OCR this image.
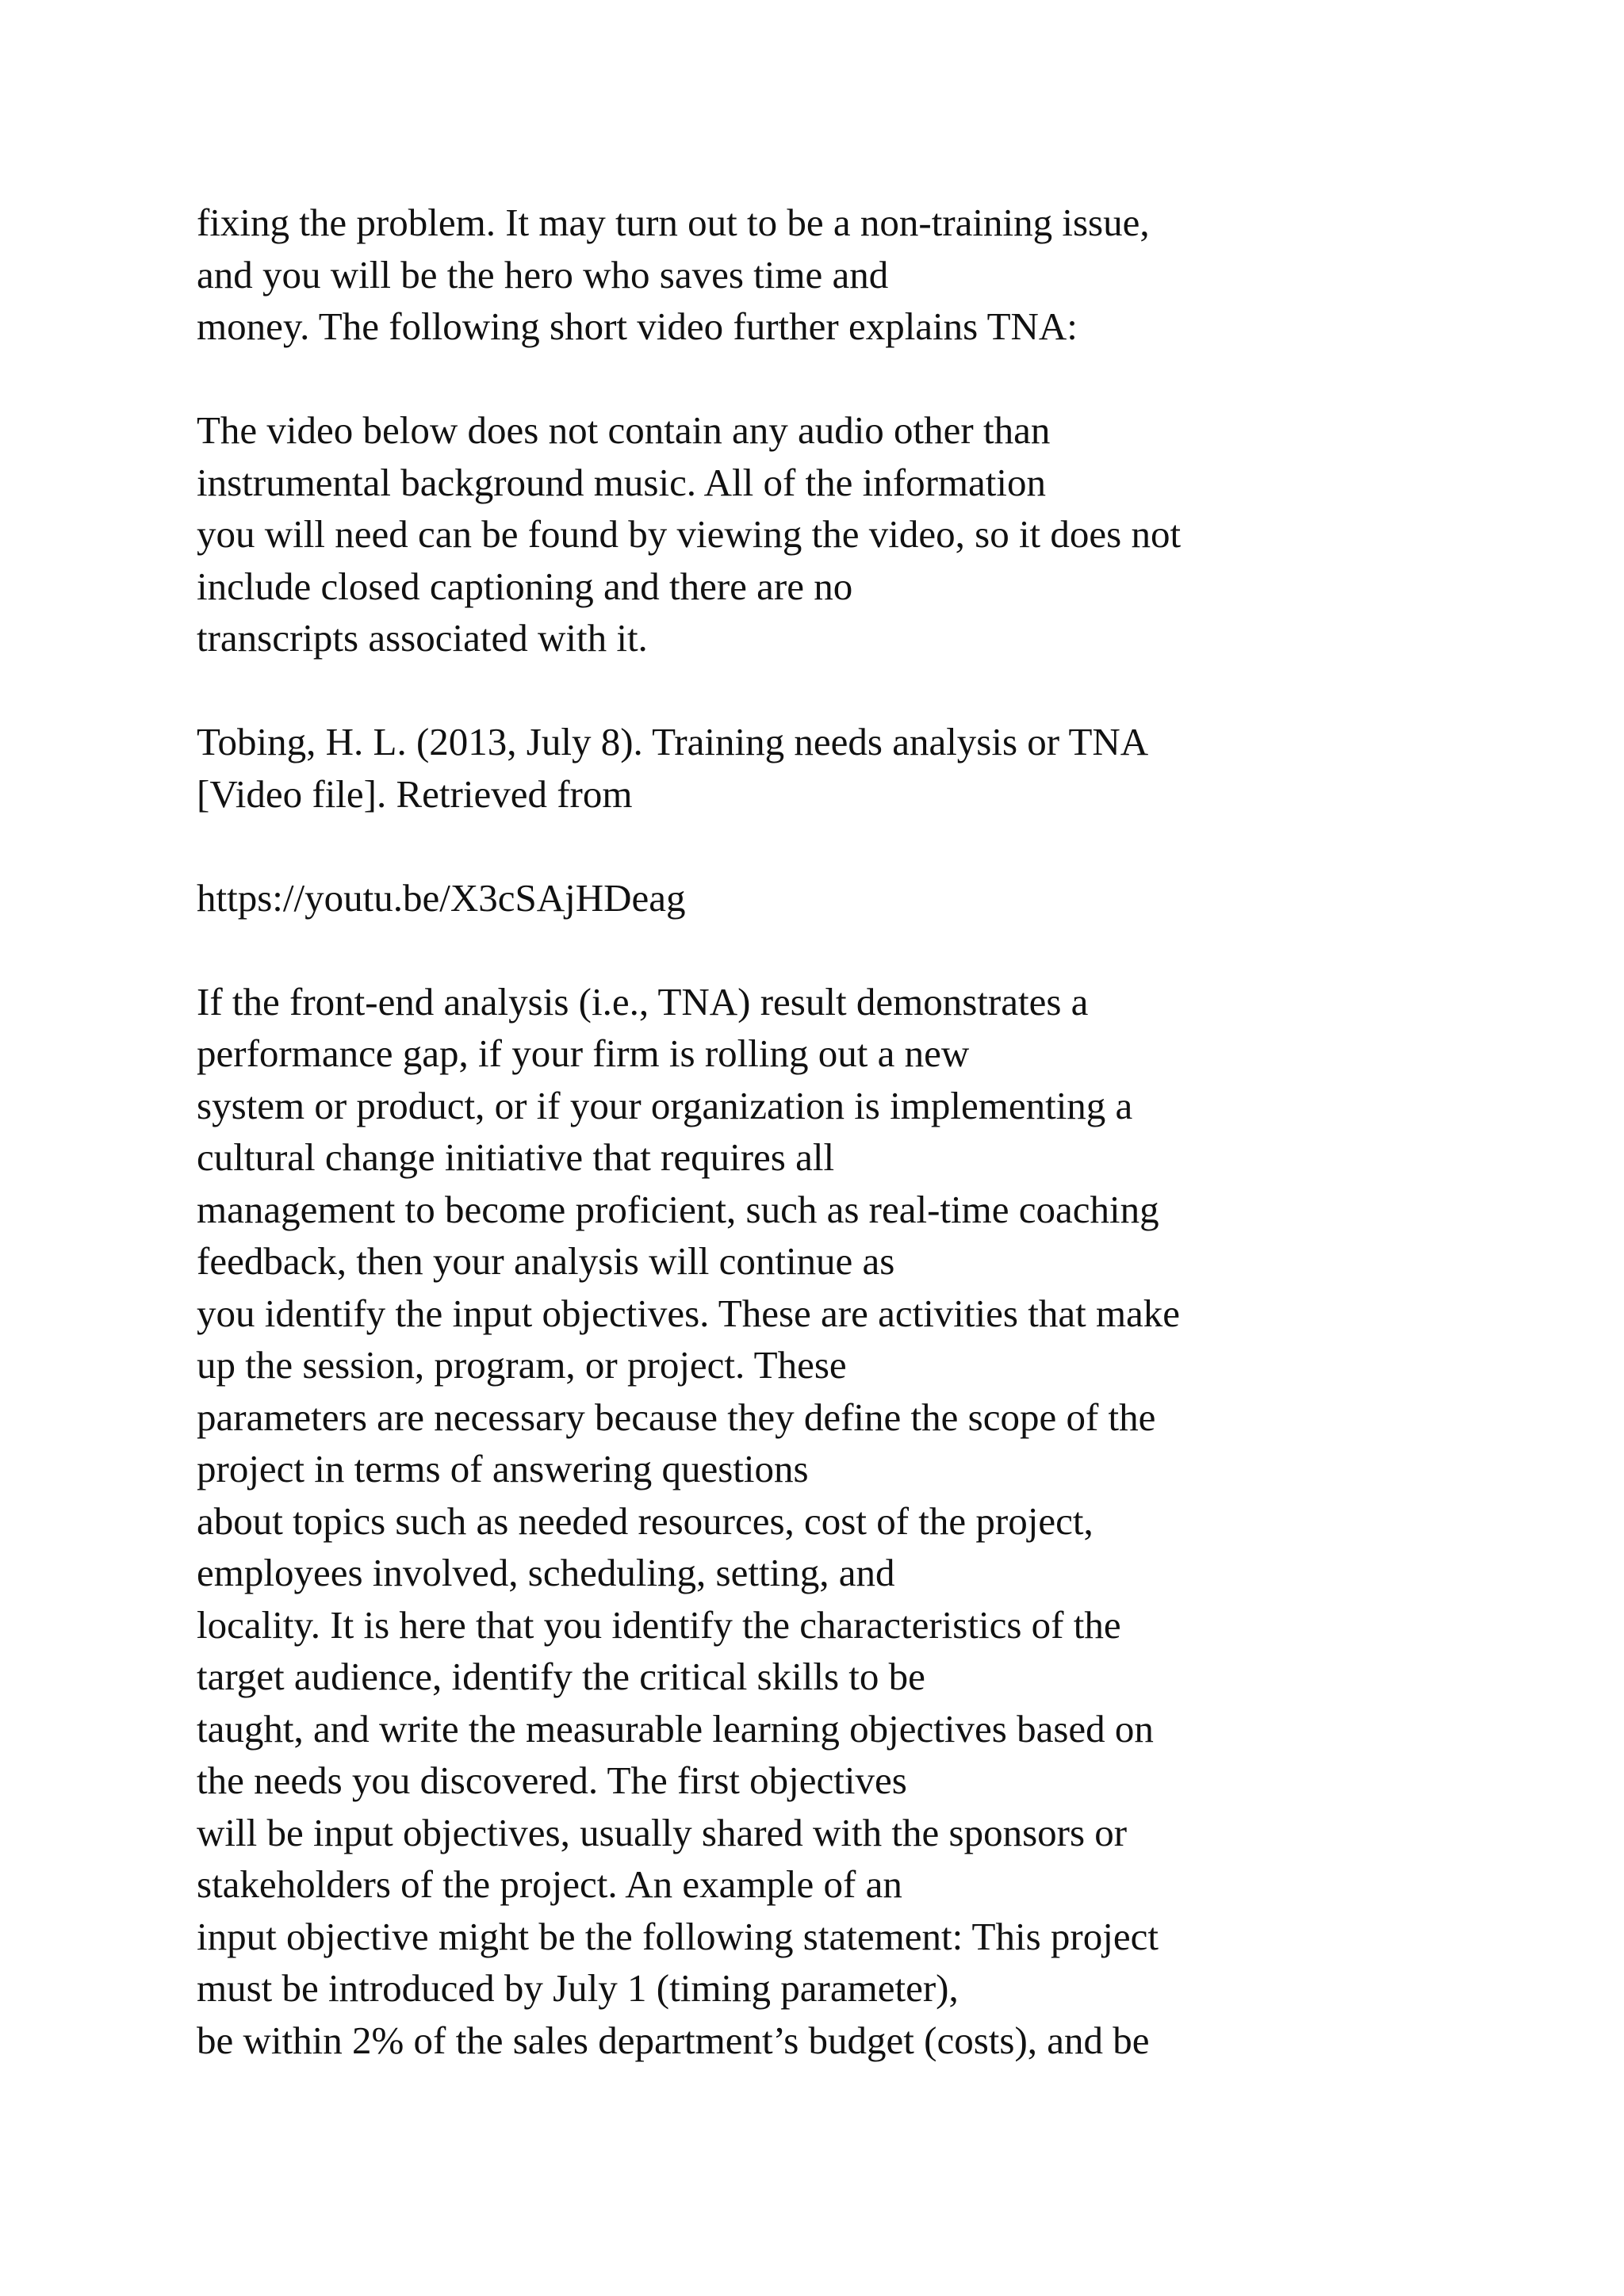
fixing the problem. It may turn out to be a non-training issue,
and you will be the hero who saves time and
money. The following short video further explains TNA:

The video below does not contain any audio other than
instrumental background music. All of the information
you will need can be found by viewing the video, so it does not
include closed captioning and there are no
transcripts associated with it.

Tobing, H. L. (2013, July 8). Training needs analysis or TNA
[Video file]. Retrieved from

https://youtu.be/X3cSAjHDeag

If the front-end analysis (i.e., TNA) result demonstrates a
performance gap, if your firm is rolling out a new
system or product, or if your organization is implementing a
cultural change initiative that requires all
management to become proficient, such as real-time coaching
feedback, then your analysis will continue as
you identify the input objectives. These are activities that make
up the session, program, or project. These
parameters are necessary because they define the scope of the
project in terms of answering questions
about topics such as needed resources, cost of the project,
employees involved, scheduling, setting, and
locality. It is here that you identify the characteristics of the
target audience, identify the critical skills to be
taught, and write the measurable learning objectives based on
the needs you discovered. The first objectives
will be input objectives, usually shared with the sponsors or
stakeholders of the project. An example of an
input objective might be the following statement: This project
must be introduced by July 1 (timing parameter),
be within 2% of the sales department’s budget (costs), and be
